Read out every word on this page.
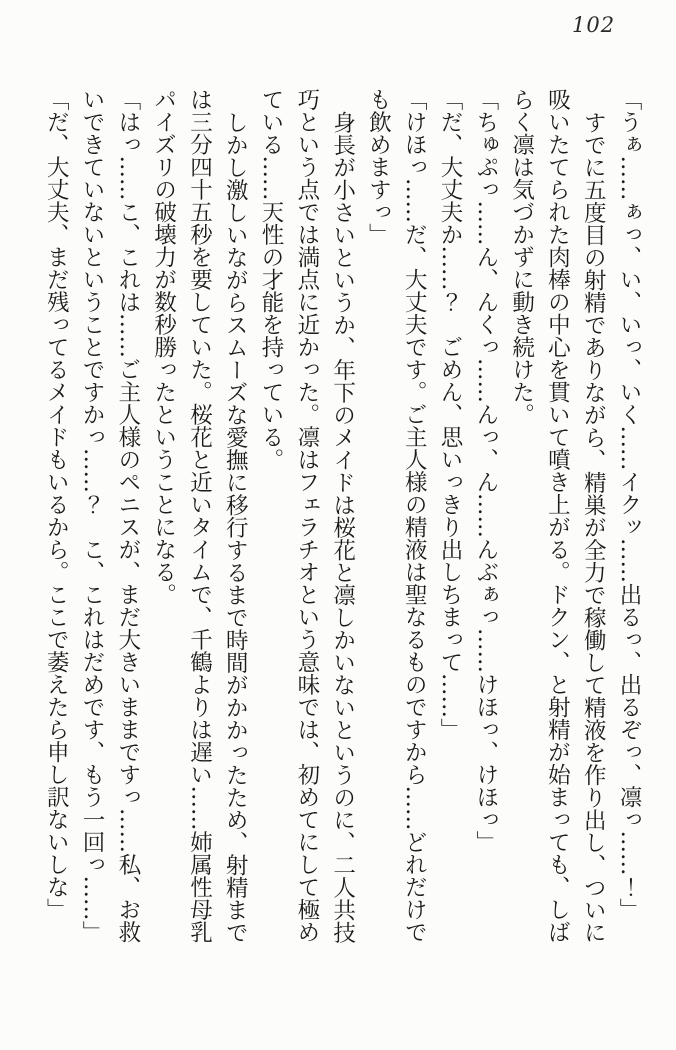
102

「うぁ……ぁっ、い、いっ、いく……イクッ……出るっ、出るぞっ、凛っ……！」

すでに五度目の射精でありながら、精巣が全力で稼働して精液を作り出し、ついに吸いたてられた肉棒の中心を貫いて噴き上がる。ドクン、と射精が始まっても、しばらく凛は気づかずに動き続けた。

「ちゅぷっ……ん、んくっ……んっ、ん……んぶぁっ……けほっ、けほっ」

「だ、大丈夫か……？　ごめん、思いっきり出しちまって……」

「けほっ……だ、大丈夫です。ご主人様の精液は聖なるものですから……どれだけでも飲めますっ」

身長が小さいというか、年下のメイドは桜花と凛しかいないというのに、二人共技巧という点では満点に近かった。凛はフェラチオという意味では、初めてにして極めている……天性の才能を持っている。

しかし激しいながらスムーズな愛撫に移行するまで時間がかかったため、射精までは三分四十五秒を要していた。桜花と近いタイムで、千鶴よりは遅い……姉属性母乳パイズリの破壊力が数秒勝ったということになる。

「はっ……こ、これは……ご主人様のペニスが、まだ大きいままですっ……私、お救いできていないということですかっ……？　こ、これはだめです、もう一回っ……」

「だ、大丈夫、まだ残ってるメイドもいるから。ここで萎えたら申し訳ないしな」
